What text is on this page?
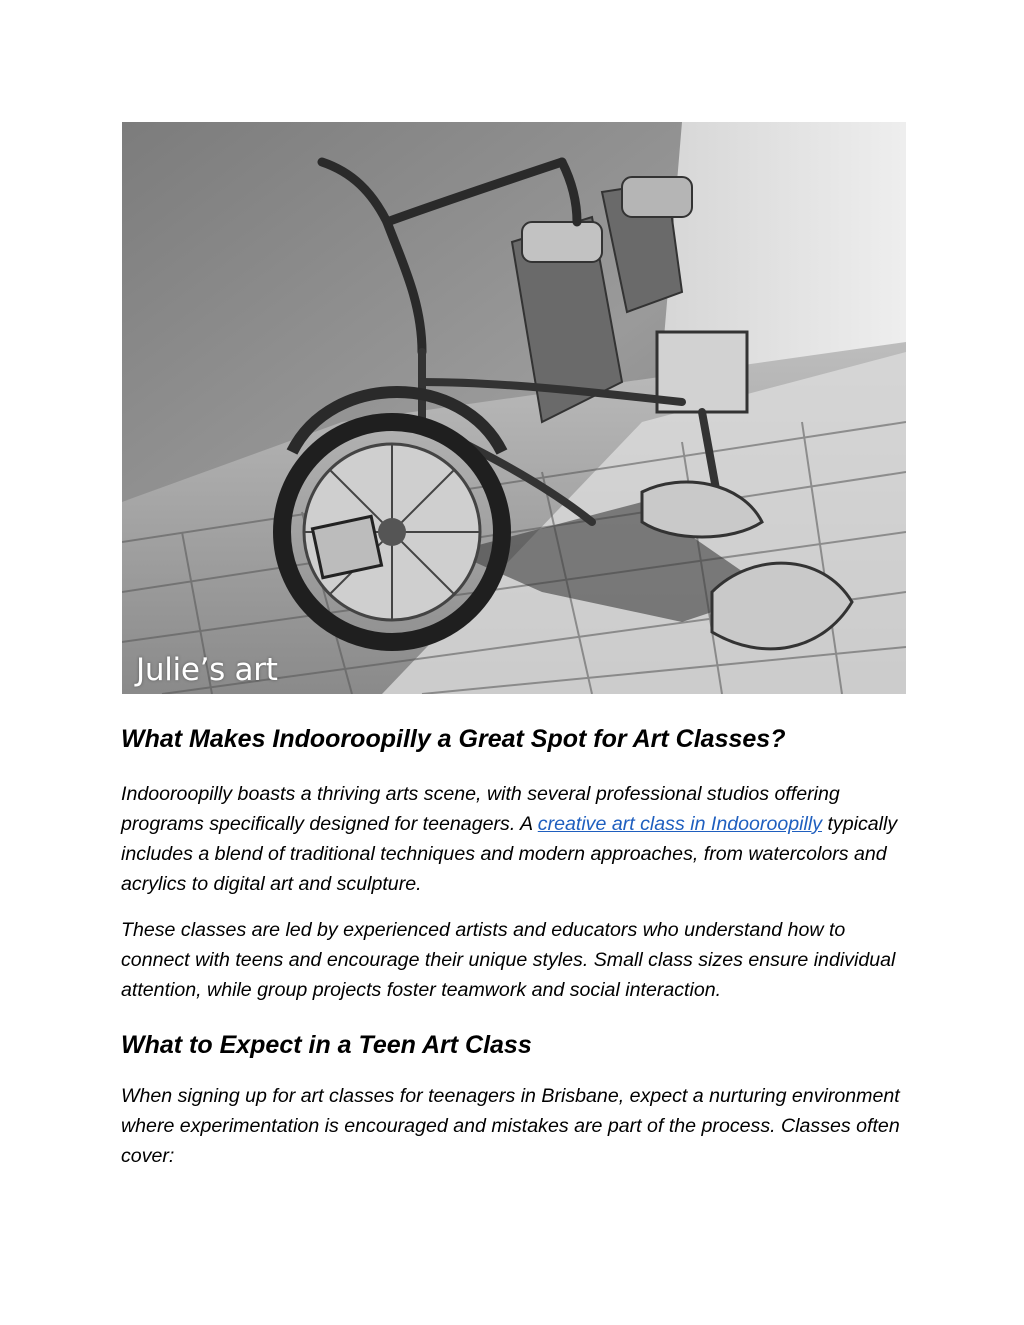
Julie’s art
What Makes Indooroopilly a Great Spot for Art Classes?

Indooroopilly boasts a thriving arts scene, with several professional studios offering programs specifically designed for teenagers. A creative art class in Indooroopilly typically includes a blend of traditional techniques and modern approaches, from watercolors and acrylics to digital art and sculpture.

These classes are led by experienced artists and educators who understand how to connect with teens and encourage their unique styles. Small class sizes ensure individual attention, while group projects foster teamwork and social interaction.

What to Expect in a Teen Art Class

When signing up for art classes for teenagers in Brisbane, expect a nurturing environment where experimentation is encouraged and mistakes are part of the process. Classes often cover:
